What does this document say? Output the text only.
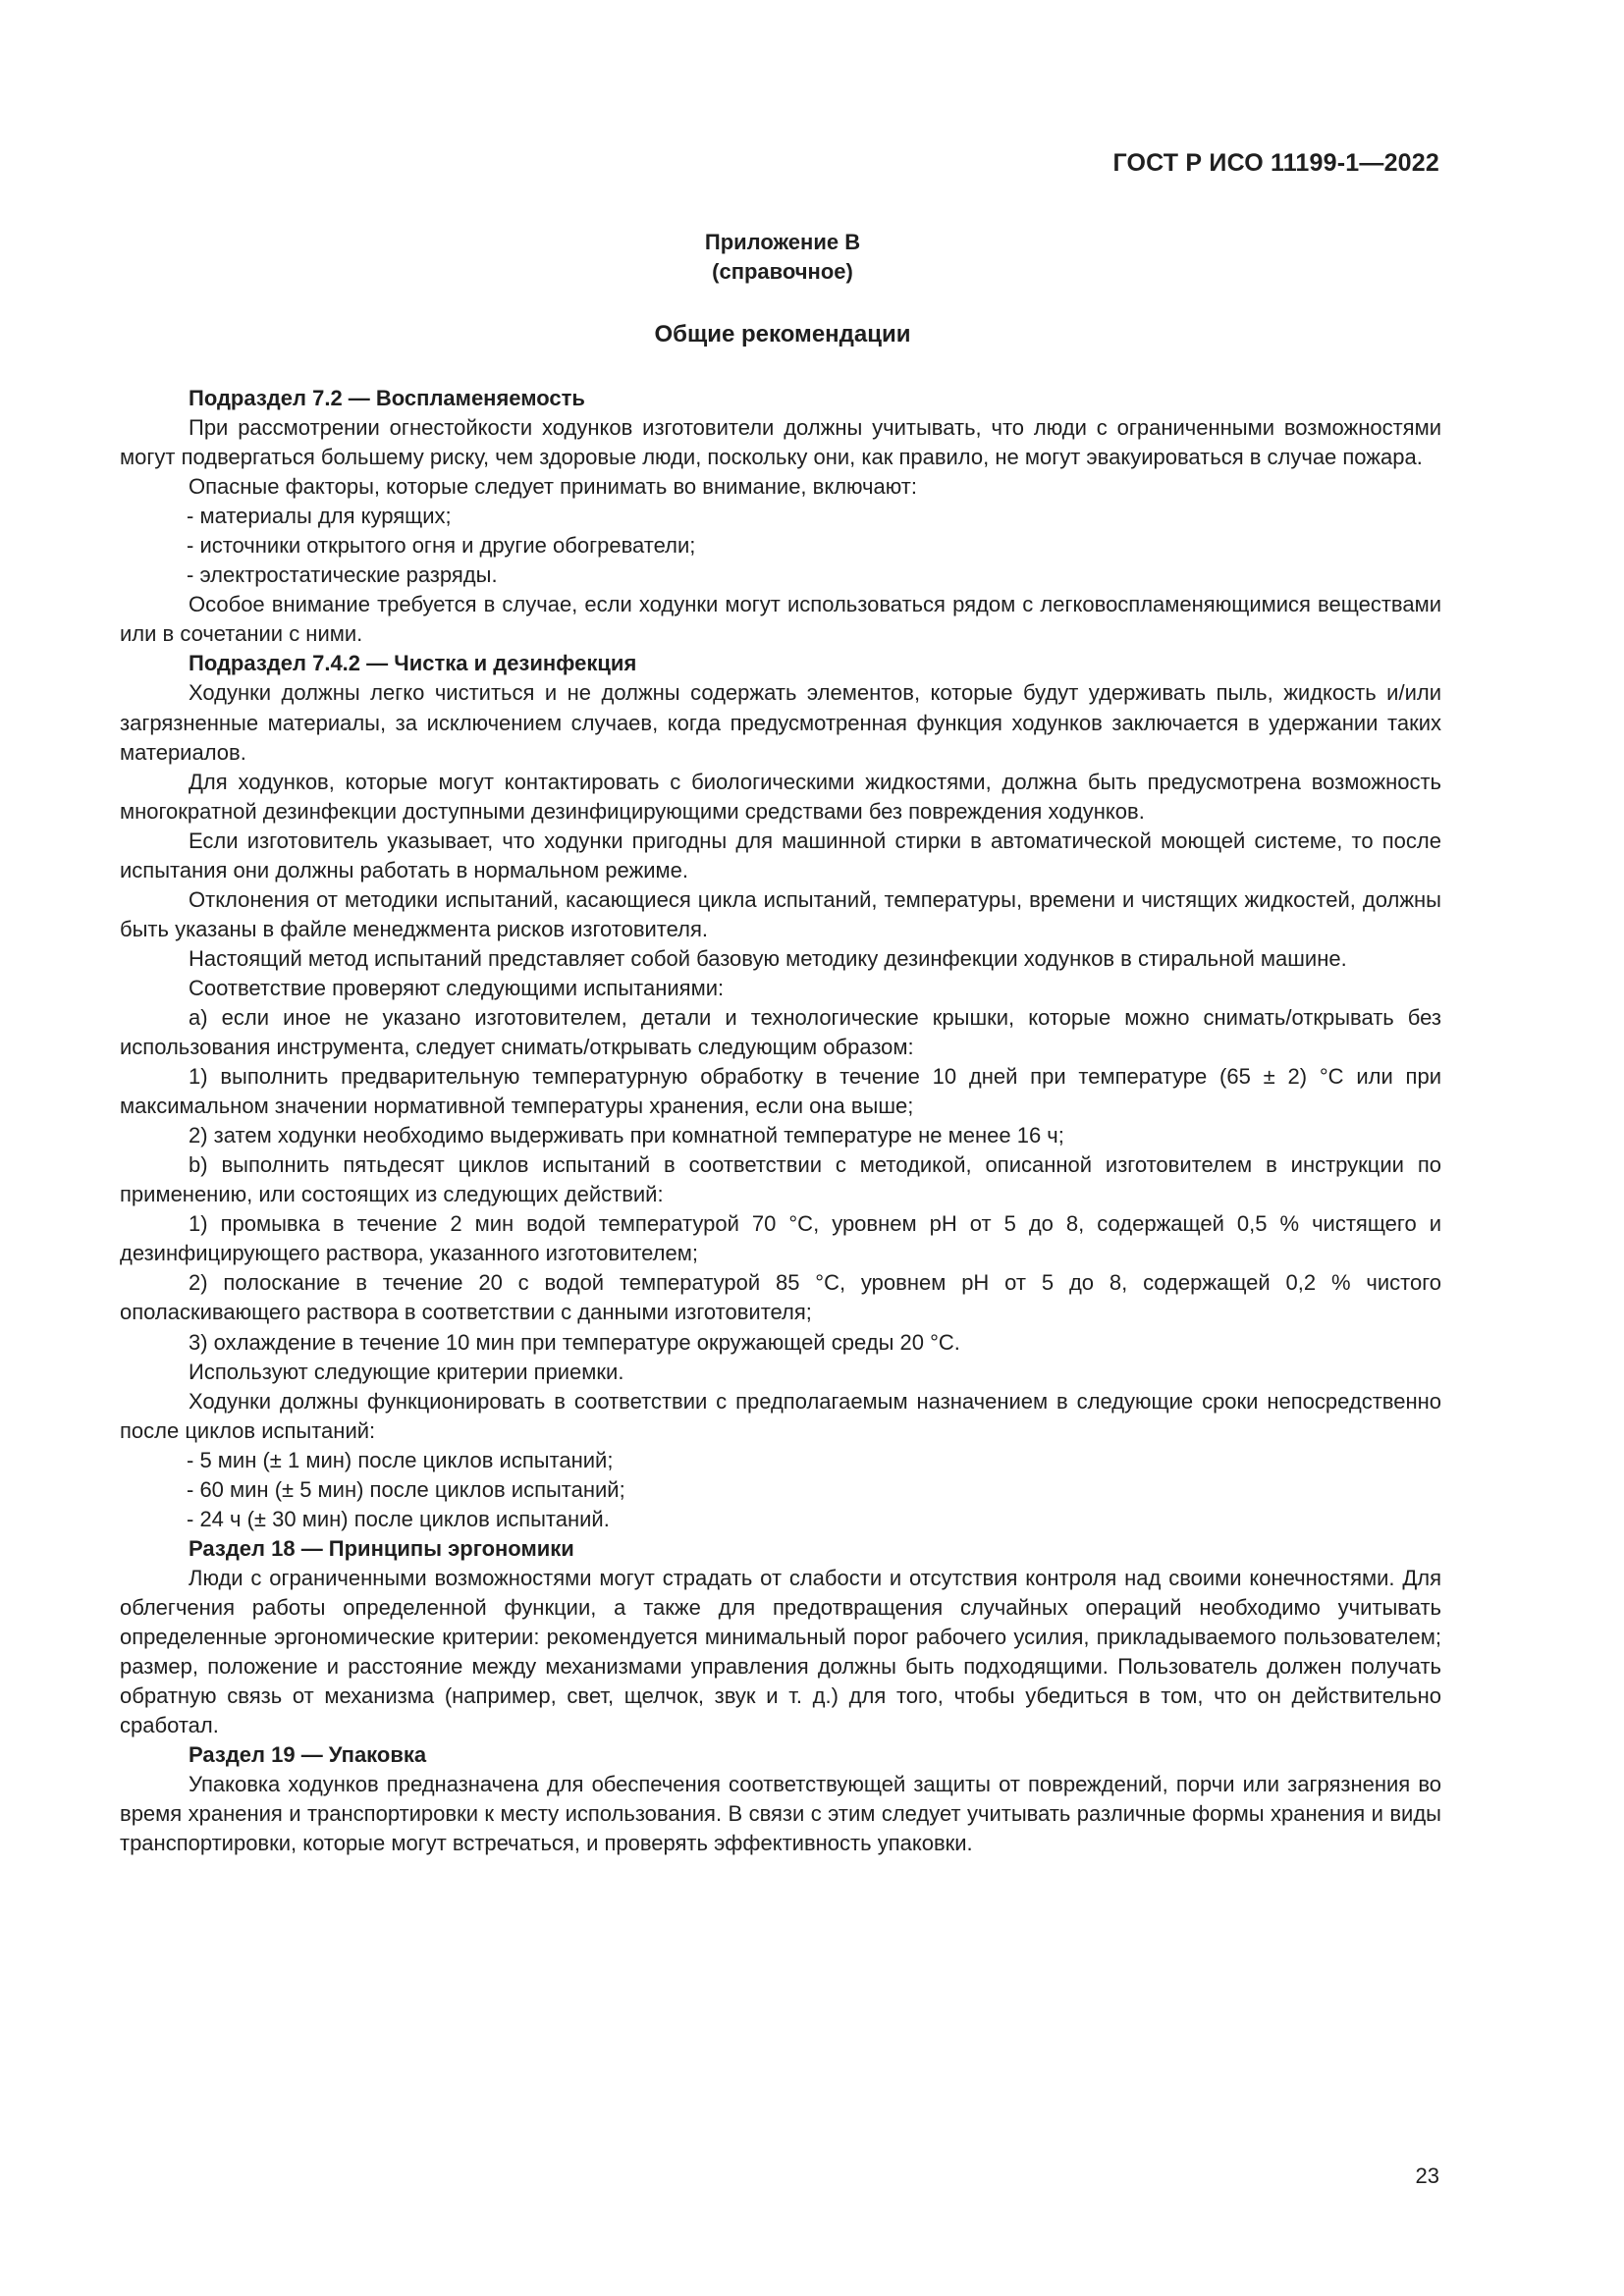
ГОСТ Р ИСО 11199-1—2022
Приложение В
(справочное)
Общие рекомендации

Подраздел 7.2 — Воспламеняемость

При рассмотрении огнестойкости ходунков изготовители должны учитывать, что люди с ограниченными возможностями могут подвергаться большему риску, чем здоровые люди, поскольку они, как правило, не могут эвакуироваться в случае пожара.

Опасные факторы, которые следует принимать во внимание, включают:

- материалы для курящих;

- источники открытого огня и другие обогреватели;

- электростатические разряды.

Особое внимание требуется в случае, если ходунки могут использоваться рядом с легковоспламеняющимися веществами или в сочетании с ними.

Подраздел 7.4.2 — Чистка и дезинфекция

Ходунки должны легко чиститься и не должны содержать элементов, которые будут удерживать пыль, жидкость и/или загрязненные материалы, за исключением случаев, когда предусмотренная функция ходунков заключается в удержании таких материалов.

Для ходунков, которые могут контактировать с биологическими жидкостями, должна быть предусмотрена возможность многократной дезинфекции доступными дезинфицирующими средствами без повреждения ходунков.

Если изготовитель указывает, что ходунки пригодны для машинной стирки в автоматической моющей системе, то после испытания они должны работать в нормальном режиме.

Отклонения от методики испытаний, касающиеся цикла испытаний, температуры, времени и чистящих жидкостей, должны быть указаны в файле менеджмента рисков изготовителя.

Настоящий метод испытаний представляет собой базовую методику дезинфекции ходунков в стиральной машине.

Соответствие проверяют следующими испытаниями:

a) если иное не указано изготовителем, детали и технологические крышки, которые можно снимать/открывать без использования инструмента, следует снимать/открывать следующим образом:

1) выполнить предварительную температурную обработку в течение 10 дней при температуре (65 ± 2) °C или при максимальном значении нормативной температуры хранения, если она выше;

2) затем ходунки необходимо выдерживать при комнатной температуре не менее 16 ч;

b) выполнить пятьдесят циклов испытаний в соответствии с методикой, описанной изготовителем в инструкции по применению, или состоящих из следующих действий:

1) промывка в течение 2 мин водой температурой 70 °C, уровнем pH от 5 до 8, содержащей 0,5 % чистящего и дезинфицирующего раствора, указанного изготовителем;

2) полоскание в течение 20 с водой температурой 85 °C, уровнем pH от 5 до 8, содержащей 0,2 % чистого ополаскивающего раствора в соответствии с данными изготовителя;

3) охлаждение в течение 10 мин при температуре окружающей среды 20 °C.

Используют следующие критерии приемки.

Ходунки должны функционировать в соответствии с предполагаемым назначением в следующие сроки непосредственно после циклов испытаний:

- 5 мин (± 1 мин) после циклов испытаний;

- 60 мин (± 5 мин) после циклов испытаний;

- 24 ч (± 30 мин) после циклов испытаний.

Раздел 18 — Принципы эргономики

Люди с ограниченными возможностями могут страдать от слабости и отсутствия контроля над своими конечностями. Для облегчения работы определенной функции, а также для предотвращения случайных операций необходимо учитывать определенные эргономические критерии: рекомендуется минимальный порог рабочего усилия, прикладываемого пользователем; размер, положение и расстояние между механизмами управления должны быть подходящими. Пользователь должен получать обратную связь от механизма (например, свет, щелчок, звук и т. д.) для того, чтобы убедиться в том, что он действительно сработал.

Раздел 19 — Упаковка

Упаковка ходунков предназначена для обеспечения соответствующей защиты от повреждений, порчи или загрязнения во время хранения и транспортировки к месту использования. В связи с этим следует учитывать различные формы хранения и виды транспортировки, которые могут встречаться, и проверять эффективность упаковки.

23
